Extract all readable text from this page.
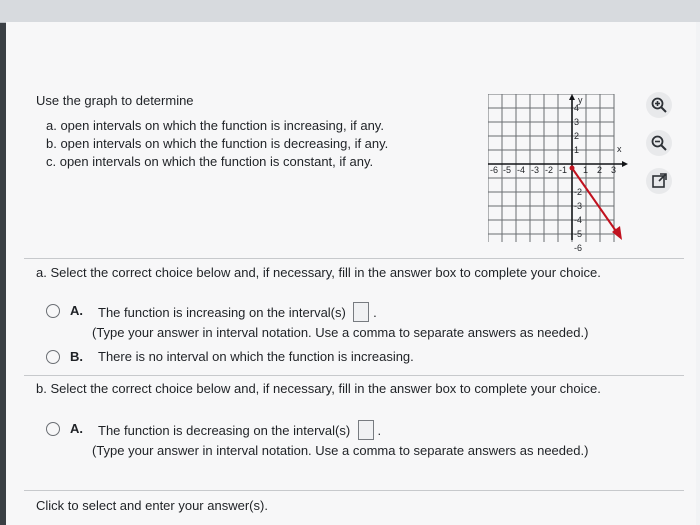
Use the graph to determine
a. open intervals on which the function is increasing, if any.
b. open intervals on which the function is decreasing, if any.
c. open intervals on which the function is constant, if any.
y
x
-6 -5 -4 -3 -2 -1 1 2 3
4
3
2
1
-2
-3
-4
-5
-6
a. Select the correct choice below and, if necessary, fill in the answer box to complete your choice.
A.	The function is increasing on the interval(s) .
(Type your answer in interval notation. Use a comma to separate answers as needed.)
B.	There is no interval on which the function is increasing.
b. Select the correct choice below and, if necessary, fill in the answer box to complete your choice.
A.	The function is decreasing on the interval(s) .
(Type your answer in interval notation. Use a comma to separate answers as needed.)
Click to select and enter your answer(s).
